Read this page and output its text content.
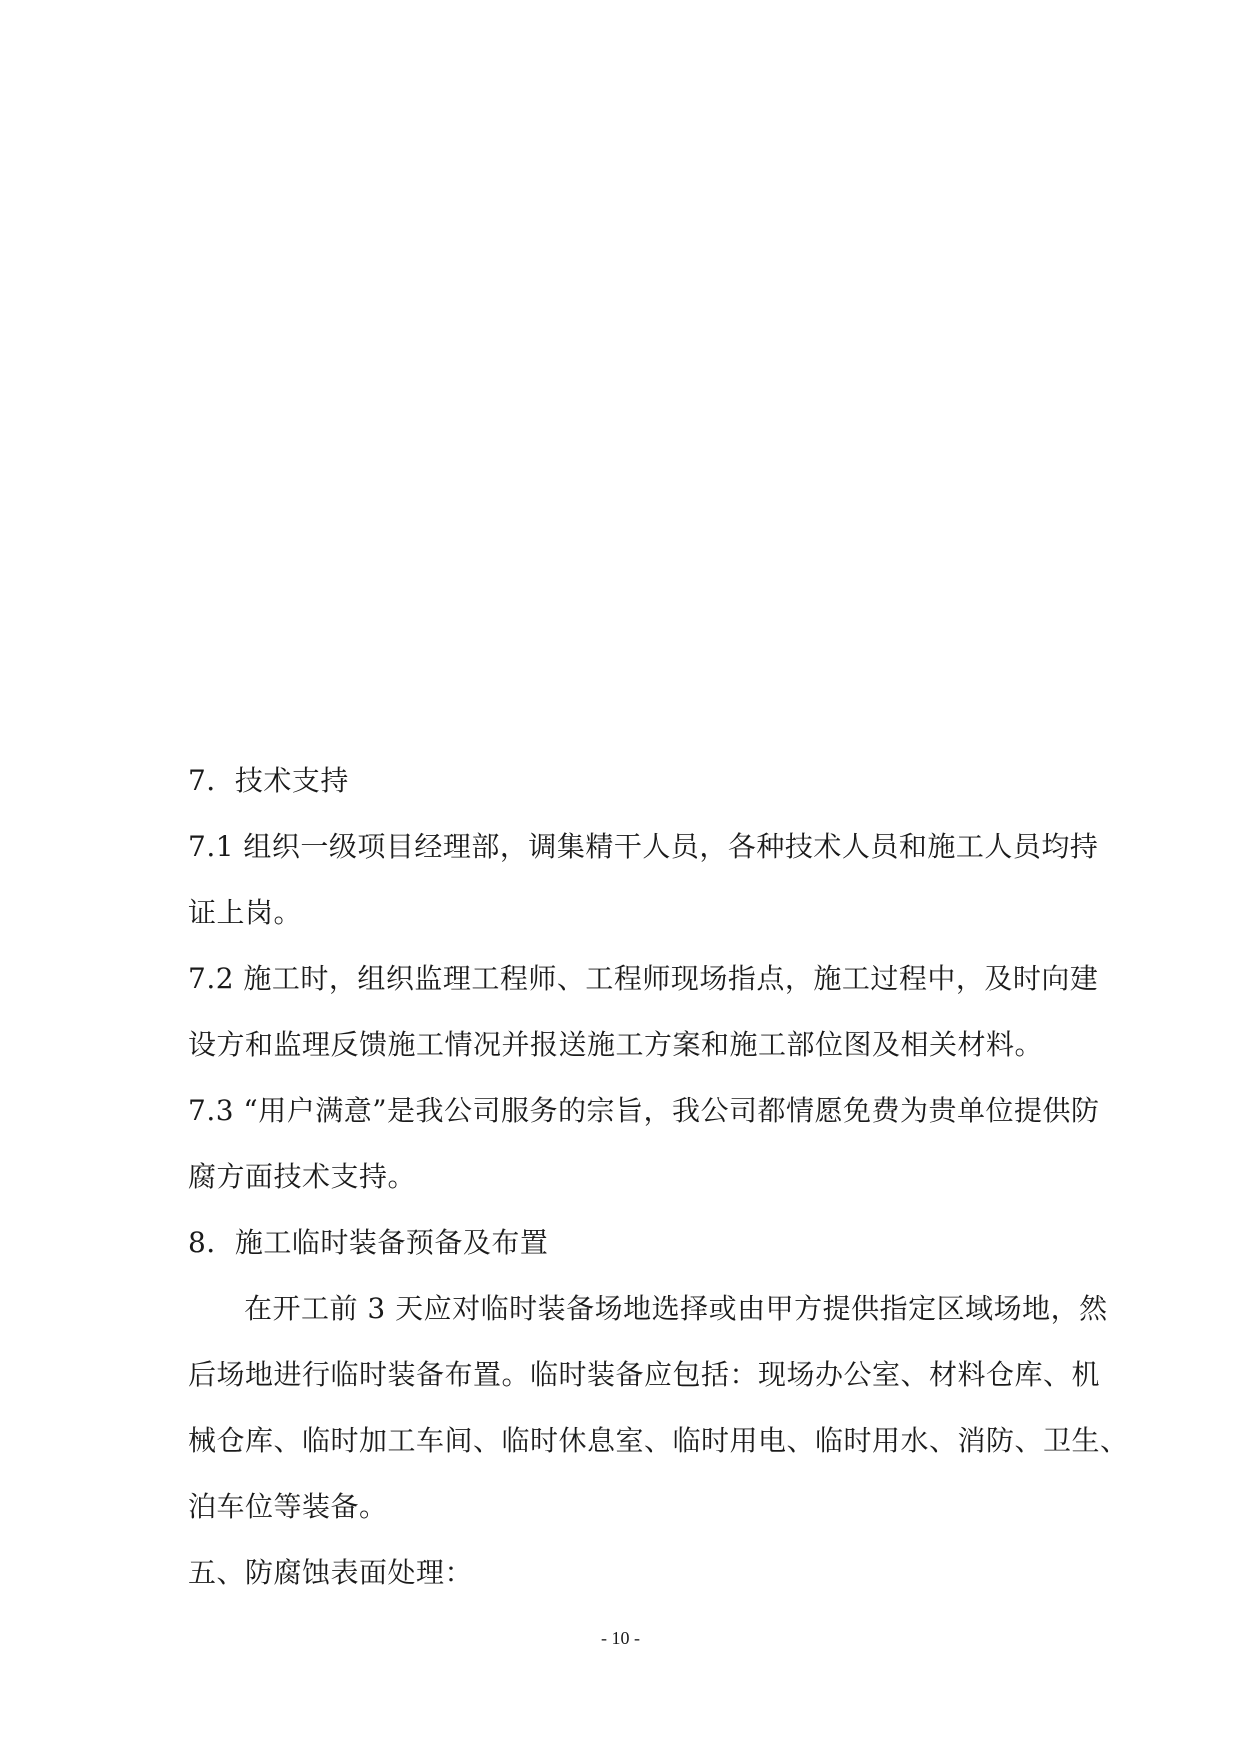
7．技术支持
7.1 组织一级项目经理部，调集精干人员，各种技术人员和施工人员均持
证上岗。
7.2 施工时，组织监理工程师、工程师现场指点，施工过程中，及时向建
设方和监理反馈施工情况并报送施工方案和施工部位图及相关材料。
7.3 “用户满意”是我公司服务的宗旨，我公司都情愿免费为贵单位提供防
腐方面技术支持。
8．施工临时装备预备及布置
在开工前 3 天应对临时装备场地选择或由甲方提供指定区域场地，然
后场地进行临时装备布置。临时装备应包括：现场办公室、材料仓库、机
械仓库、临时加工车间、临时休息室、临时用电、临时用水、消防、卫生、
泊车位等装备。
五、防腐蚀表面处理：
- 10 -
